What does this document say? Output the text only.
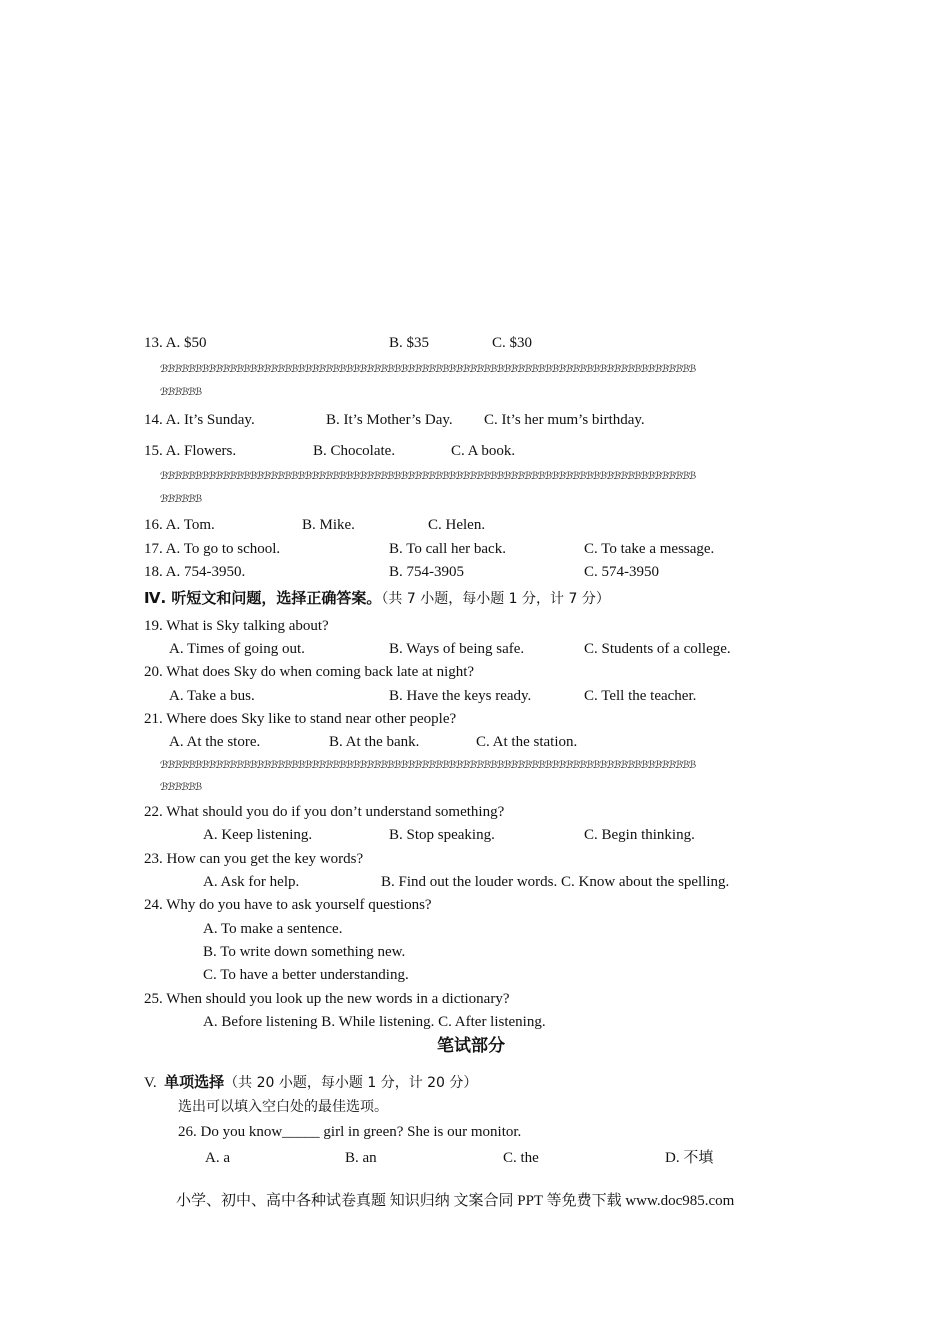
13. A. $50	B. $35	C. $30
ℬℬℬℬℬℬℬℬℬℬℬℬℬℬℬℬℬℬℬℬℬℬℬℬℬℬℬℬℬℬℬℬℬℬℬℬℬℬℬℬℬℬℬℬℬℬℬℬℬℬℬℬℬℬℬℬℬℬℬℬℬℬℬℬℬℬℬℬℬℬℬℬℬℬℬℬℬℬ
ℬℬℬℬℬℬ
14. A. It’s Sunday.	B. It’s Mother’s Day. C. It’s her mum’s birthday.
15. A. Flowers.	B. Chocolate.	C. A book.
ℬℬℬℬℬℬℬℬℬℬℬℬℬℬℬℬℬℬℬℬℬℬℬℬℬℬℬℬℬℬℬℬℬℬℬℬℬℬℬℬℬℬℬℬℬℬℬℬℬℬℬℬℬℬℬℬℬℬℬℬℬℬℬℬℬℬℬℬℬℬℬℬℬℬℬℬℬℬ
ℬℬℬℬℬℬ
16. A. Tom.	B. Mike.	C. Helen.
17. A. To go to school.	B. To call her back.	C. To take a message.
18. A. 754-3950.	B. 754-3905	C. 574-3950
Ⅳ. 听短文和问题，选择正确答案。（共 7 小题，每小题 1 分，计 7 分）
19. What is Sky talking about?
A. Times of going out.	B. Ways of being safe.	C. Students of a college.
20. What does Sky do when coming back late at night?
A. Take a bus.	B. Have the keys ready.	C. Tell the teacher.
21. Where does Sky like to stand near other people?
A. At the store.	B. At the bank.	C. At the station.
ℬℬℬℬℬℬℬℬℬℬℬℬℬℬℬℬℬℬℬℬℬℬℬℬℬℬℬℬℬℬℬℬℬℬℬℬℬℬℬℬℬℬℬℬℬℬℬℬℬℬℬℬℬℬℬℬℬℬℬℬℬℬℬℬℬℬℬℬℬℬℬℬℬℬℬℬℬℬ
ℬℬℬℬℬℬ
22. What should you do if you don’t understand something?
A. Keep listening.	B. Stop speaking.	C. Begin thinking.
23. How can you get the key words?
A. Ask for help.	B. Find out the louder words. C. Know about the spelling.
24. Why do you have to ask yourself questions?
A. To make a sentence.
B. To write down something new.
C. To have a better understanding.
25. When should you look up the new words in a dictionary?
A. Before listening B. While listening. C. After listening.
笔试部分
V. 单项选择（共 20 小题，每小题 1 分，计 20 分）
选出可以填入空白处的最佳选项。
26. Do you know_____ girl in green? She is our monitor.
A. a	B. an	C. the	D. 不填
小学、初中、高中各种试卷真题 知识归纳 文案合同 PPT 等免费下载 www.doc985.com
